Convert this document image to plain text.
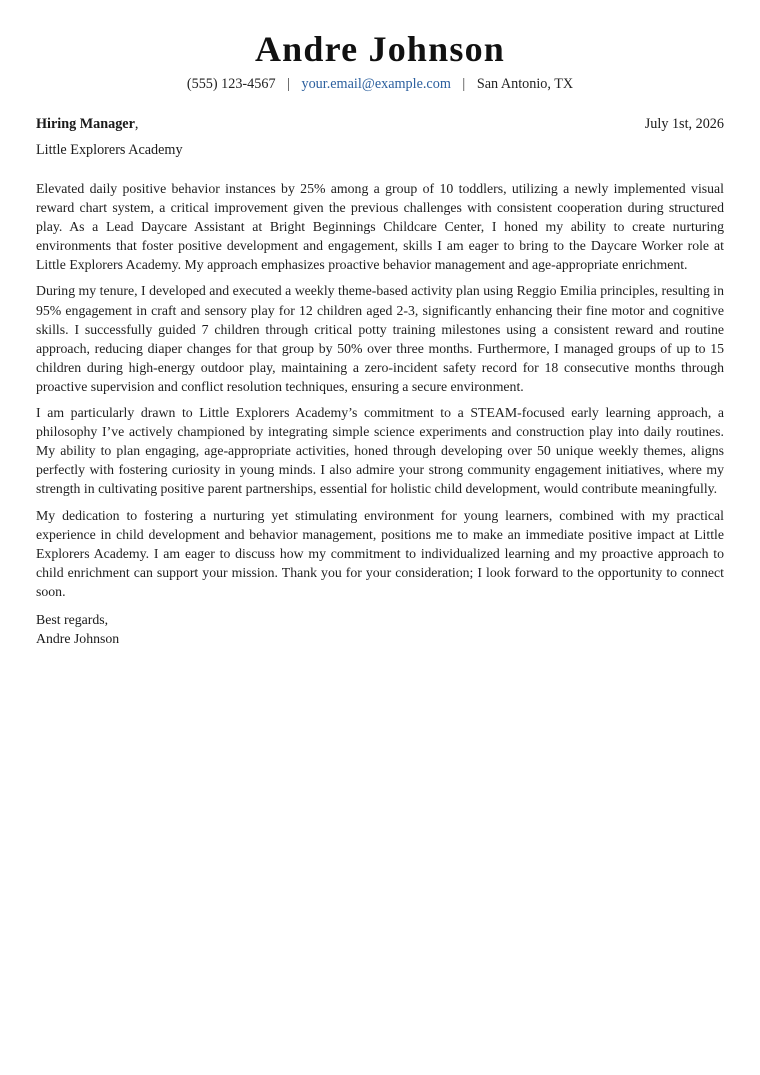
Andre Johnson
(555) 123-4567 | your.email@example.com | San Antonio, TX
Hiring Manager,	July 1st, 2026
Little Explorers Academy

Elevated daily positive behavior instances by 25% among a group of 10 toddlers, utilizing a newly implemented visual reward chart system, a critical improvement given the previous challenges with consistent cooperation during structured play. As a Lead Daycare Assistant at Bright Beginnings Childcare Center, I honed my ability to create nurturing environments that foster positive development and engagement, skills I am eager to bring to the Daycare Worker role at Little Explorers Academy. My approach emphasizes proactive behavior management and age-appropriate enrichment.

During my tenure, I developed and executed a weekly theme-based activity plan using Reggio Emilia principles, resulting in 95% engagement in craft and sensory play for 12 children aged 2-3, significantly enhancing their fine motor and cognitive skills. I successfully guided 7 children through critical potty training milestones using a consistent reward and routine approach, reducing diaper changes for that group by 50% over three months. Furthermore, I managed groups of up to 15 children during high-energy outdoor play, maintaining a zero-incident safety record for 18 consecutive months through proactive supervision and conflict resolution techniques, ensuring a secure environment.

I am particularly drawn to Little Explorers Academy’s commitment to a STEAM-focused early learning approach, a philosophy I’ve actively championed by integrating simple science experiments and construction play into daily routines. My ability to plan engaging, age-appropriate activities, honed through developing over 50 unique weekly themes, aligns perfectly with fostering curiosity in young minds. I also admire your strong community engagement initiatives, where my strength in cultivating positive parent partnerships, essential for holistic child development, would contribute meaningfully.

My dedication to fostering a nurturing yet stimulating environment for young learners, combined with my practical experience in child development and behavior management, positions me to make an immediate positive impact at Little Explorers Academy. I am eager to discuss how my commitment to individualized learning and my proactive approach to child enrichment can support your mission. Thank you for your consideration; I look forward to the opportunity to connect soon.

Best regards,
Andre Johnson
